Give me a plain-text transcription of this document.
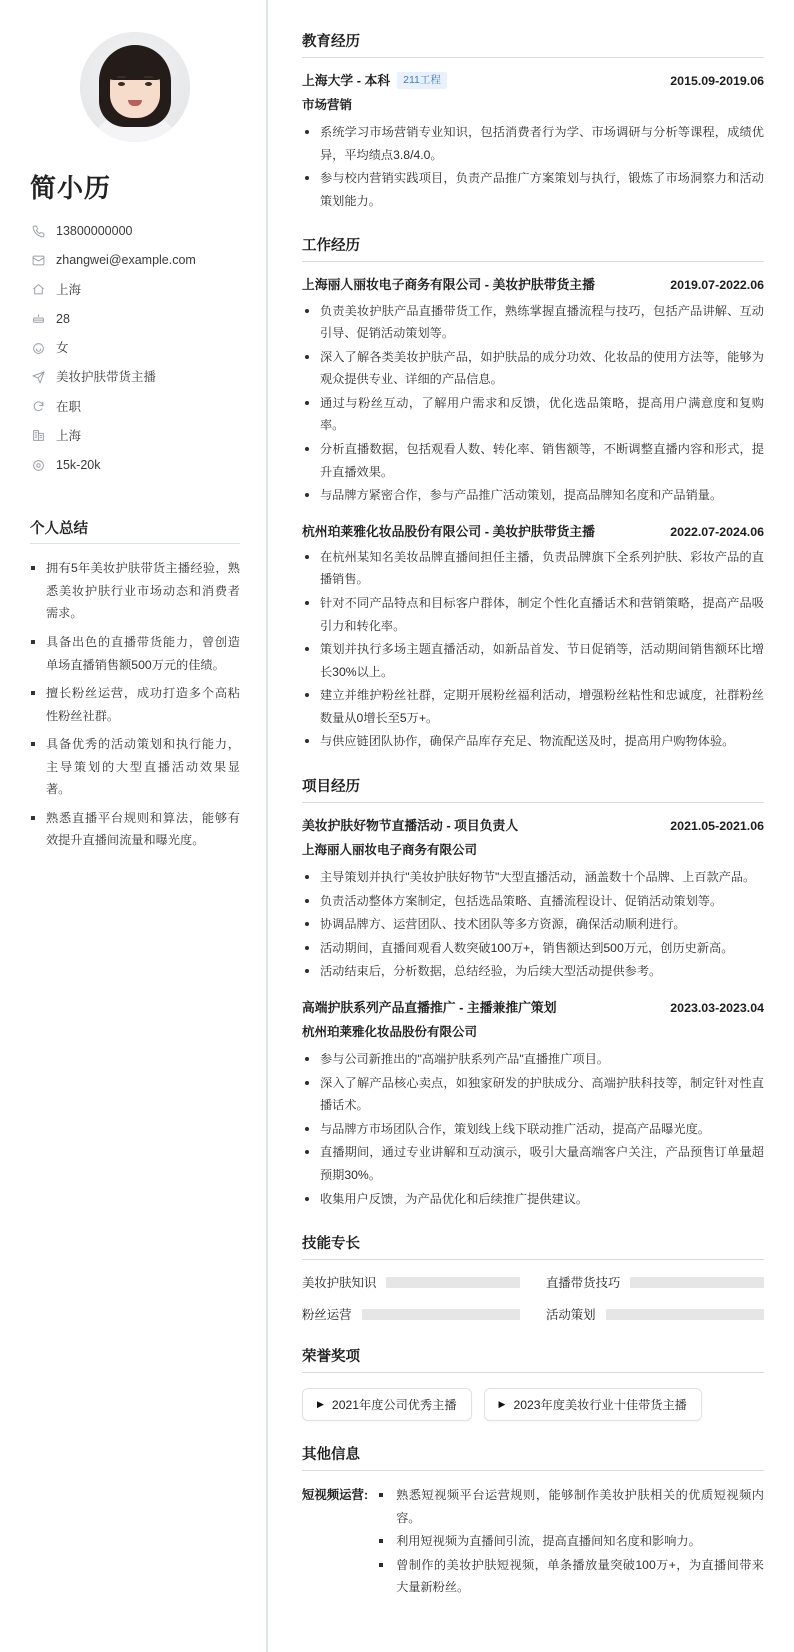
简小历
13800000000
zhangwei@example.com
上海
28
女
美妆护肤带货主播
在职
上海
15k-20k
个人总结
拥有5年美妆护肤带货主播经验，熟悉美妆护肤行业市场动态和消费者需求。
具备出色的直播带货能力，曾创造单场直播销售额500万元的佳绩。
擅长粉丝运营，成功打造多个高粘性粉丝社群。
具备优秀的活动策划和执行能力，主导策划的大型直播活动效果显著。
熟悉直播平台规则和算法，能够有效提升直播间流量和曝光度。
教育经历
上海大学 - 本科	211工程	2015.09-2019.06
市场营销
系统学习市场营销专业知识，包括消费者行为学、市场调研与分析等课程，成绩优异，平均绩点3.8/4.0。
参与校内营销实践项目，负责产品推广方案策划与执行，锻炼了市场洞察力和活动策划能力。
工作经历
上海丽人丽妆电子商务有限公司 - 美妆护肤带货主播	2019.07-2022.06
负责美妆护肤产品直播带货工作，熟练掌握直播流程与技巧，包括产品讲解、互动引导、促销活动策划等。
深入了解各类美妆护肤产品，如护肤品的成分功效、化妆品的使用方法等，能够为观众提供专业、详细的产品信息。
通过与粉丝互动，了解用户需求和反馈，优化选品策略，提高用户满意度和复购率。
分析直播数据，包括观看人数、转化率、销售额等，不断调整直播内容和形式，提升直播效果。
与品牌方紧密合作，参与产品推广活动策划，提高品牌知名度和产品销量。
杭州珀莱雅化妆品股份有限公司 - 美妆护肤带货主播	2022.07-2024.06
在杭州某知名美妆品牌直播间担任主播，负责品牌旗下全系列护肤、彩妆产品的直播销售。
针对不同产品特点和目标客户群体，制定个性化直播话术和营销策略，提高产品吸引力和转化率。
策划并执行多场主题直播活动，如新品首发、节日促销等，活动期间销售额环比增长30%以上。
建立并维护粉丝社群，定期开展粉丝福利活动，增强粉丝粘性和忠诚度，社群粉丝数量从0增长至5万+。
与供应链团队协作，确保产品库存充足、物流配送及时，提高用户购物体验。
项目经历
美妆护肤好物节直播活动 - 项目负责人	2021.05-2021.06
上海丽人丽妆电子商务有限公司
主导策划并执行"美妆护肤好物节"大型直播活动，涵盖数十个品牌、上百款产品。
负责活动整体方案制定，包括选品策略、直播流程设计、促销活动策划等。
协调品牌方、运营团队、技术团队等多方资源，确保活动顺利进行。
活动期间，直播间观看人数突破100万+，销售额达到500万元，创历史新高。
活动结束后，分析数据，总结经验，为后续大型活动提供参考。
高端护肤系列产品直播推广 - 主播兼推广策划	2023.03-2023.04
杭州珀莱雅化妆品股份有限公司
参与公司新推出的"高端护肤系列产品"直播推广项目。
深入了解产品核心卖点，如独家研发的护肤成分、高端护肤科技等，制定针对性直播话术。
与品牌方市场团队合作，策划线上线下联动推广活动，提高产品曝光度。
直播期间，通过专业讲解和互动演示，吸引大量高端客户关注，产品预售订单量超预期30%。
收集用户反馈，为产品优化和后续推广提供建议。
技能专长
美妆护肤知识	直播带货技巧
粉丝运营	活动策划
荣誉奖项
▶ 2021年度公司优秀主播	▶ 2023年度美妆行业十佳带货主播
其他信息
短视频运营:	熟悉短视频平台运营规则，能够制作美妆护肤相关的优质短视频内容。
利用短视频为直播间引流，提高直播间知名度和影响力。
曾制作的美妆护肤短视频，单条播放量突破100万+，为直播间带来大量新粉丝。
